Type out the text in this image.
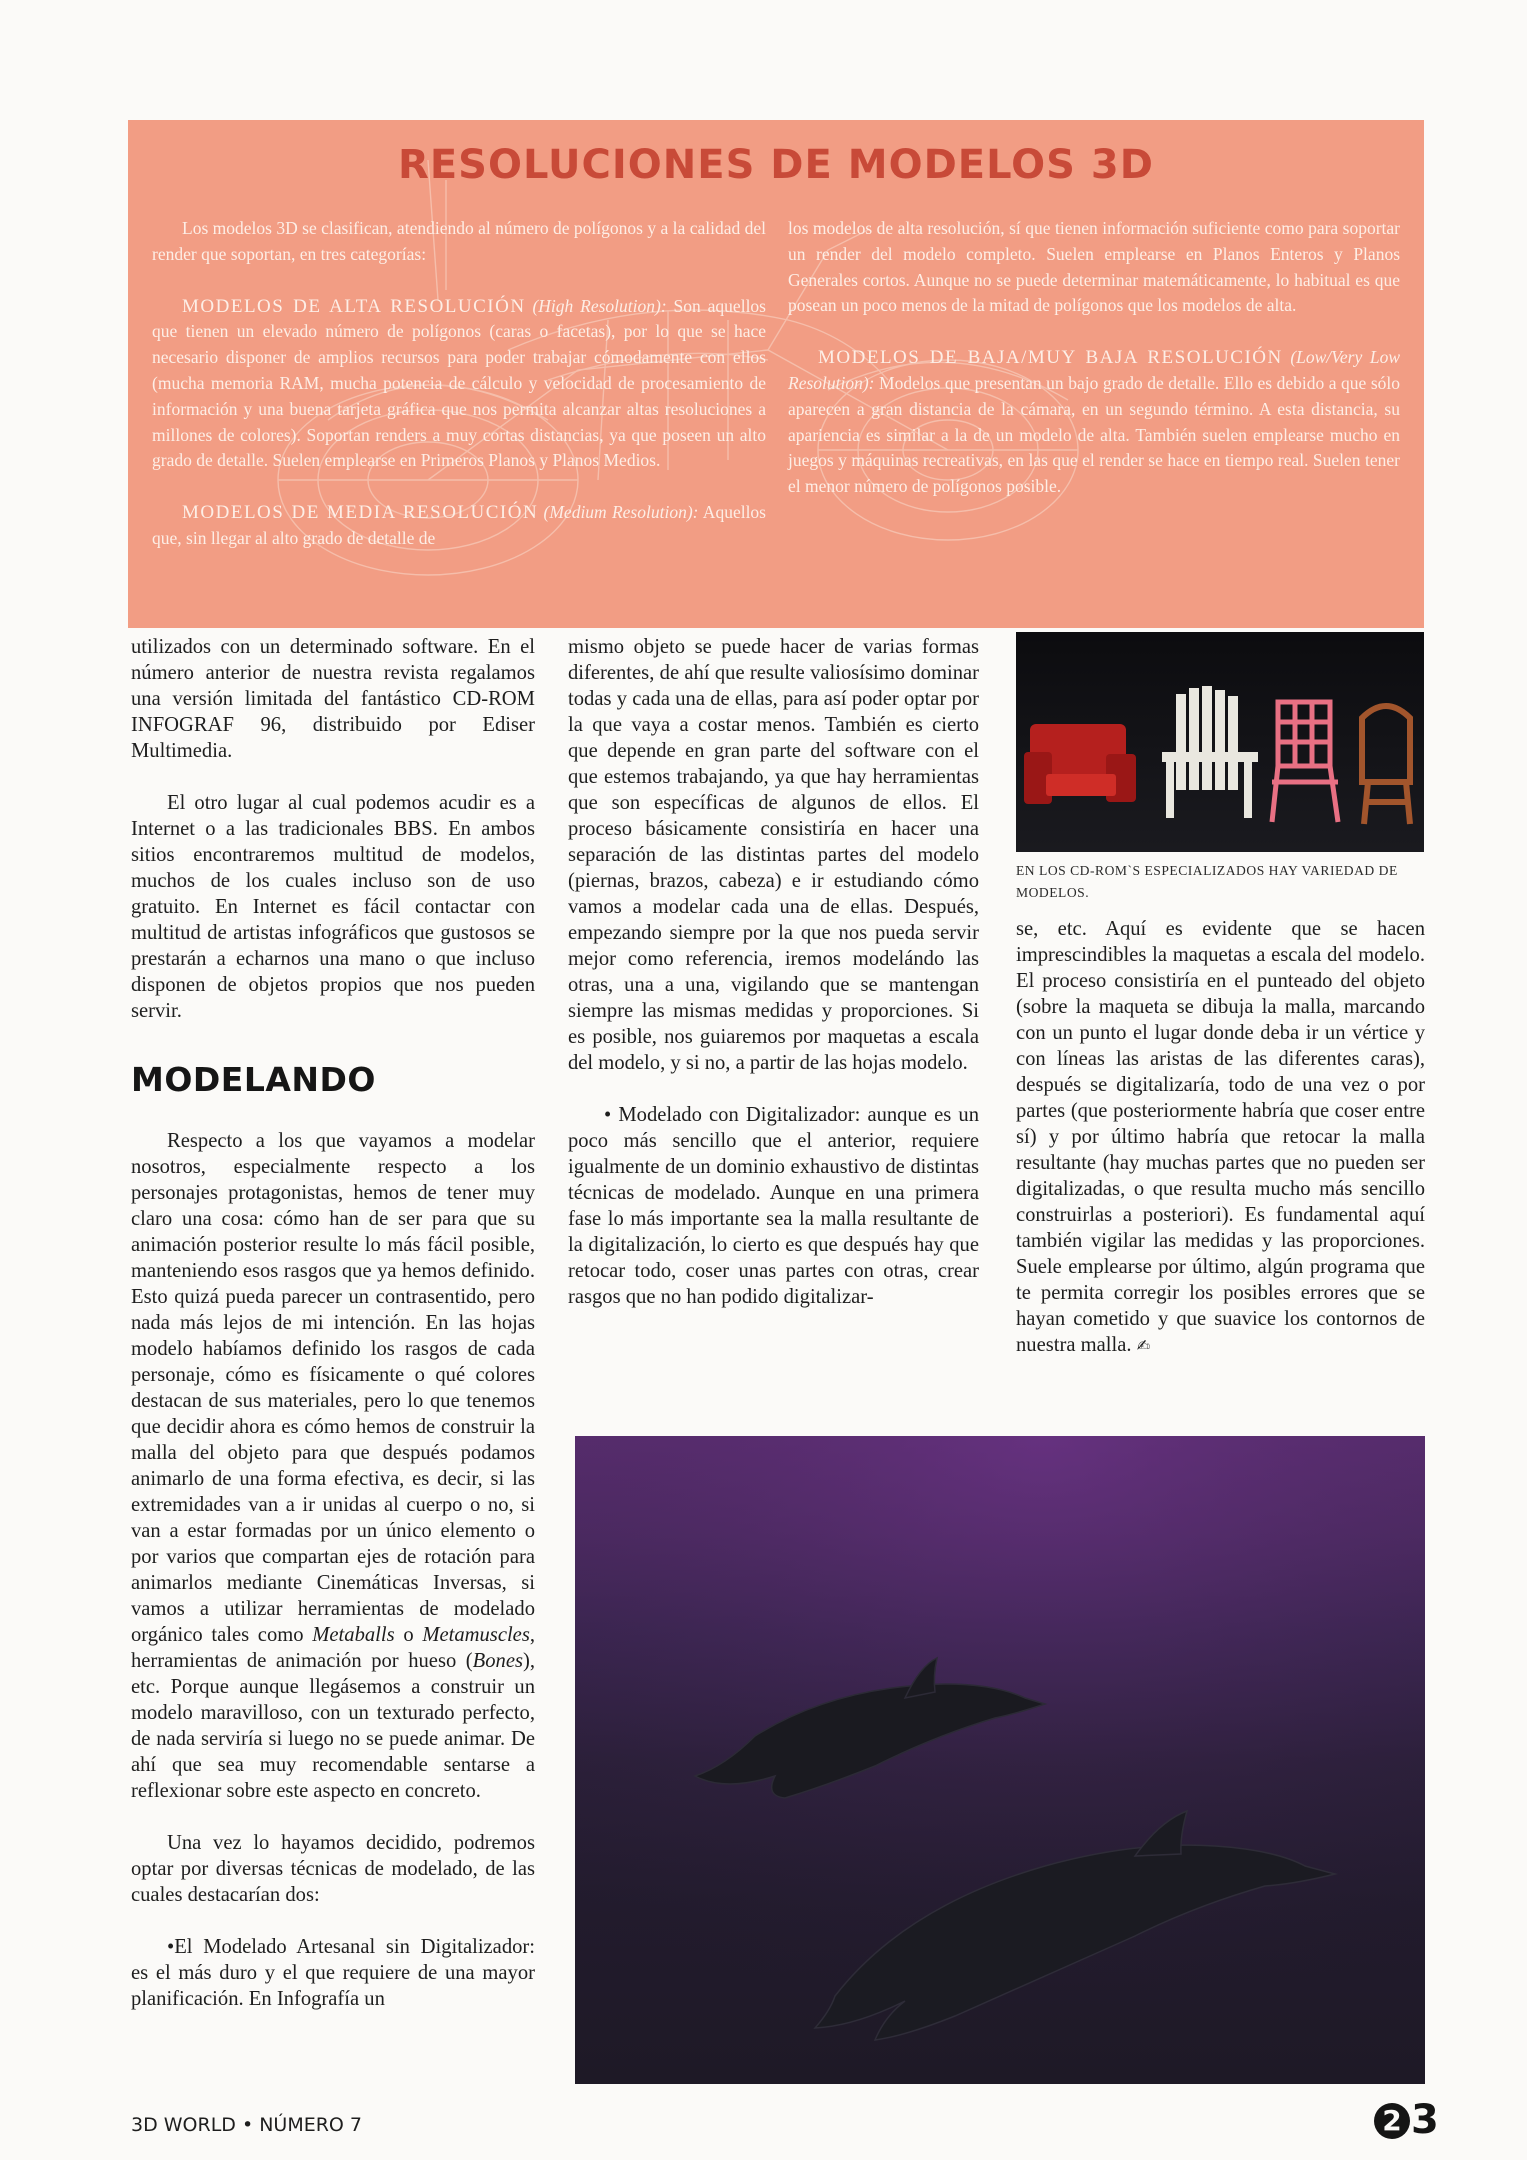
RESOLUCIONES DE MODELOS 3D

Los modelos 3D se clasifican, atendiendo al número de polígonos y a la calidad del render que soportan, en tres categorías:

MODELOS DE ALTA RESOLUCIÓN (High Resolution): Son aquellos que tienen un elevado número de polígonos (caras o facetas), por lo que se hace necesario disponer de amplios recursos para poder trabajar cómodamente con ellos (mucha memoria RAM, mucha potencia de cálculo y velocidad de procesamiento de información y una buena tarjeta gráfica que nos permita alcanzar altas resoluciones a millones de colores). Soportan renders a muy cortas distancias, ya que poseen un alto grado de detalle. Suelen emplearse en Primeros Planos y Planos Medios.

MODELOS DE MEDIA RESOLUCIÓN (Medium Resolution): Aquellos que, sin llegar al alto grado de detalle de

los modelos de alta resolución, sí que tienen información suficiente como para soportar un render del modelo completo. Suelen emplearse en Planos Enteros y Planos Generales cortos. Aunque no se puede determinar matemáticamente, lo habitual es que posean un poco menos de la mitad de polígonos que los modelos de alta.

MODELOS DE BAJA/MUY BAJA RESOLUCIÓN (Low/Very Low Resolution): Modelos que presentan un bajo grado de detalle. Ello es debido a que sólo aparecen a gran distancia de la cámara, en un segundo término. A esta distancia, su apariencia es similar a la de un modelo de alta. También suelen emplearse mucho en juegos y máquinas recreativas, en las que el render se hace en tiempo real. Suelen tener el menor número de polígonos posible.

utilizados con un determinado software. En el número anterior de nuestra revista regalamos una versión limitada del fantástico CD-ROM INFOGRAF 96, distribuido por Ediser Multimedia.

El otro lugar al cual podemos acudir es a Internet o a las tradicionales BBS. En ambos sitios encontraremos multitud de modelos, muchos de los cuales incluso son de uso gratuito. En Internet es fácil contactar con multitud de artistas infográficos que gustosos se prestarán a echarnos una mano o que incluso disponen de objetos propios que nos pueden servir.

MODELANDO

Respecto a los que vayamos a modelar nosotros, especialmente respecto a los personajes protagonistas, hemos de tener muy claro una cosa: cómo han de ser para que su animación posterior resulte lo más fácil posible, manteniendo esos rasgos que ya hemos definido. Esto quizá pueda parecer un contrasentido, pero nada más lejos de mi intención. En las hojas modelo habíamos definido los rasgos de cada personaje, cómo es físicamente o qué colores destacan de sus materiales, pero lo que tenemos que decidir ahora es cómo hemos de construir la malla del objeto para que después podamos animarlo de una forma efectiva, es decir, si las extremidades van a ir unidas al cuerpo o no, si van a estar formadas por un único elemento o por varios que compartan ejes de rotación para animarlos mediante Cinemáticas Inversas, si vamos a utilizar herramientas de modelado orgánico tales como Metaballs o Metamuscles, herramientas de animación por hueso (Bones), etc. Porque aunque llegásemos a construir un modelo maravilloso, con un texturado perfecto, de nada serviría si luego no se puede animar. De ahí que sea muy recomendable sentarse a reflexionar sobre este aspecto en concreto.

Una vez lo hayamos decidido, podremos optar por diversas técnicas de modelado, de las cuales destacarían dos:

•El Modelado Artesanal sin Digitalizador: es el más duro y el que requiere de una mayor planificación. En Infografía un

mismo objeto se puede hacer de varias formas diferentes, de ahí que resulte valiosísimo dominar todas y cada una de ellas, para así poder optar por la que vaya a costar menos. También es cierto que depende en gran parte del software con el que estemos trabajando, ya que hay herramientas que son específicas de algunos de ellos. El proceso básicamente consistiría en hacer una separación de las distintas partes del modelo (piernas, brazos, cabeza) e ir estudiando cómo vamos a modelar cada una de ellas. Después, empezando siempre por la que nos pueda servir mejor como referencia, iremos modelándo las otras, una a una, vigilando que se mantengan siempre las mismas medidas y proporciones. Si es posible, nos guiaremos por maquetas a escala del modelo, y si no, a partir de las hojas modelo.

• Modelado con Digitalizador: aunque es un poco más sencillo que el anterior, requiere igualmente de un dominio exhaustivo de distintas técnicas de modelado. Aunque en una primera fase lo más importante sea la malla resultante de la digitalización, lo cierto es que después hay que retocar todo, coser unas partes con otras, crear rasgos que no han podido digitalizar-

EN LOS CD-ROM`S ESPECIALIZADOS HAY VARIEDAD DE MODELOS.

se, etc. Aquí es evidente que se hacen imprescindibles la maquetas a escala del modelo. El proceso consistiría en el punteado del objeto (sobre la maqueta se dibuja la malla, marcando con un punto el lugar donde deba ir un vértice y con líneas las aristas de las diferentes caras), después se digitalizaría, todo de una vez o por partes (que posteriormente habría que coser entre sí) y por último habría que retocar la malla resultante (hay muchas partes que no pueden ser digitalizadas, o que resulta mucho más sencillo construirlas a posteriori). Es fundamental aquí también vigilar las medidas y las proporciones. Suele emplearse por último, algún programa que te permita corregir los posibles errores que se hayan cometido y que suavice los contornos de nuestra malla. ✍

3D WORLD • NÚMERO 7	2 3
